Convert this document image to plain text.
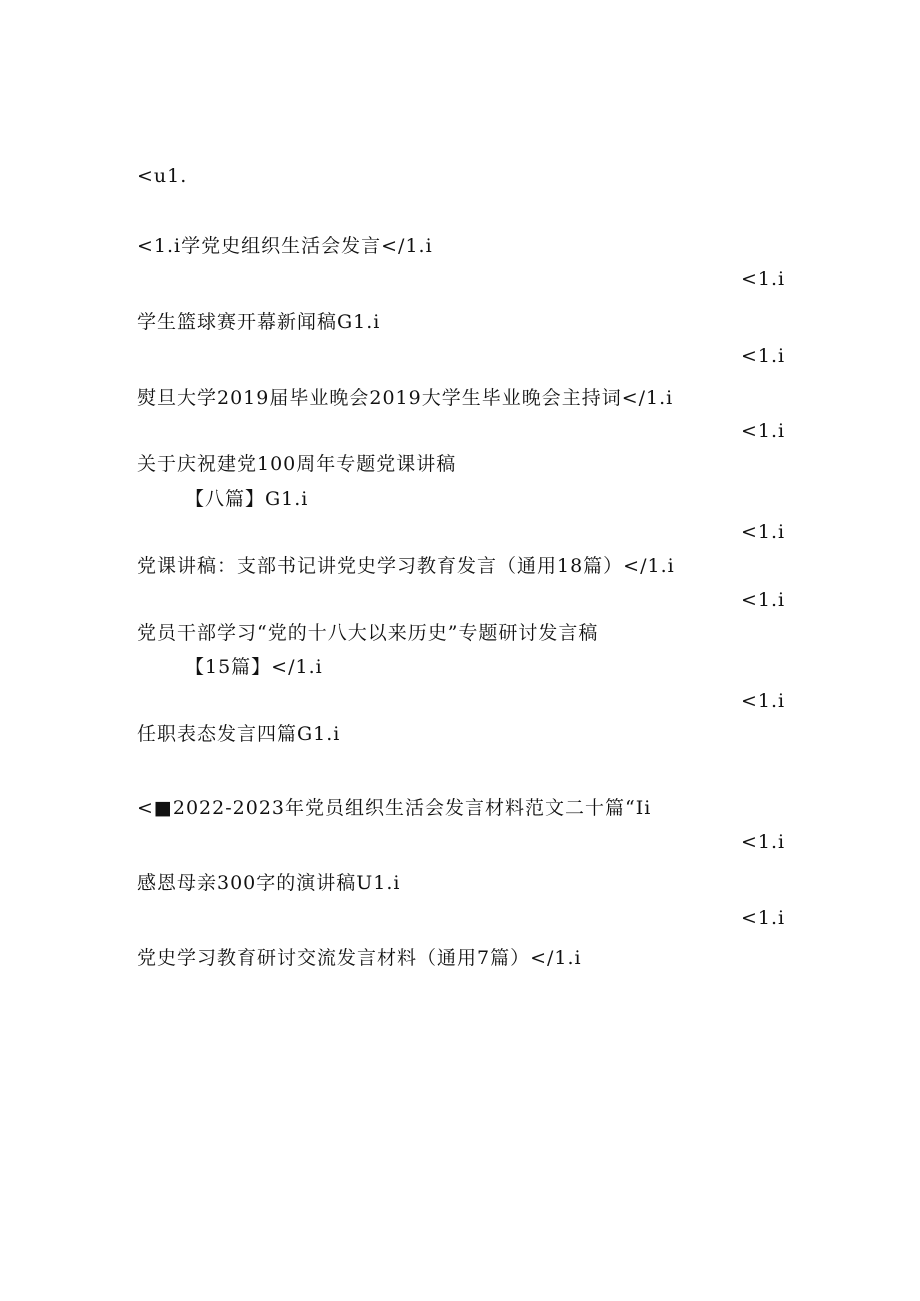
<u1.
<1.i学党史组织生活会发言</1.i
<1.i
学生篮球赛开幕新闻稿G1.i
<1.i
熨旦大学2019届毕业晚会2019大学生毕业晚会主持词</1.i
<1.i
关于庆祝建党100周年专题党课讲稿
【八篇】G1.i
<1.i
党课讲稿：支部书记讲党史学习教育发言（通用18篇）</1.i
<1.i
党员干部学习“党的十八大以来历史”专题研讨发言稿
【15篇】</1.i
<1.i
任职表态发言四篇G1.i
<■2022-2023年党员组织生活会发言材料范文二十篇“Ii
<1.i
感恩母亲300字的演讲稿U1.i
<1.i
党史学习教育研讨交流发言材料（通用7篇）</1.i
